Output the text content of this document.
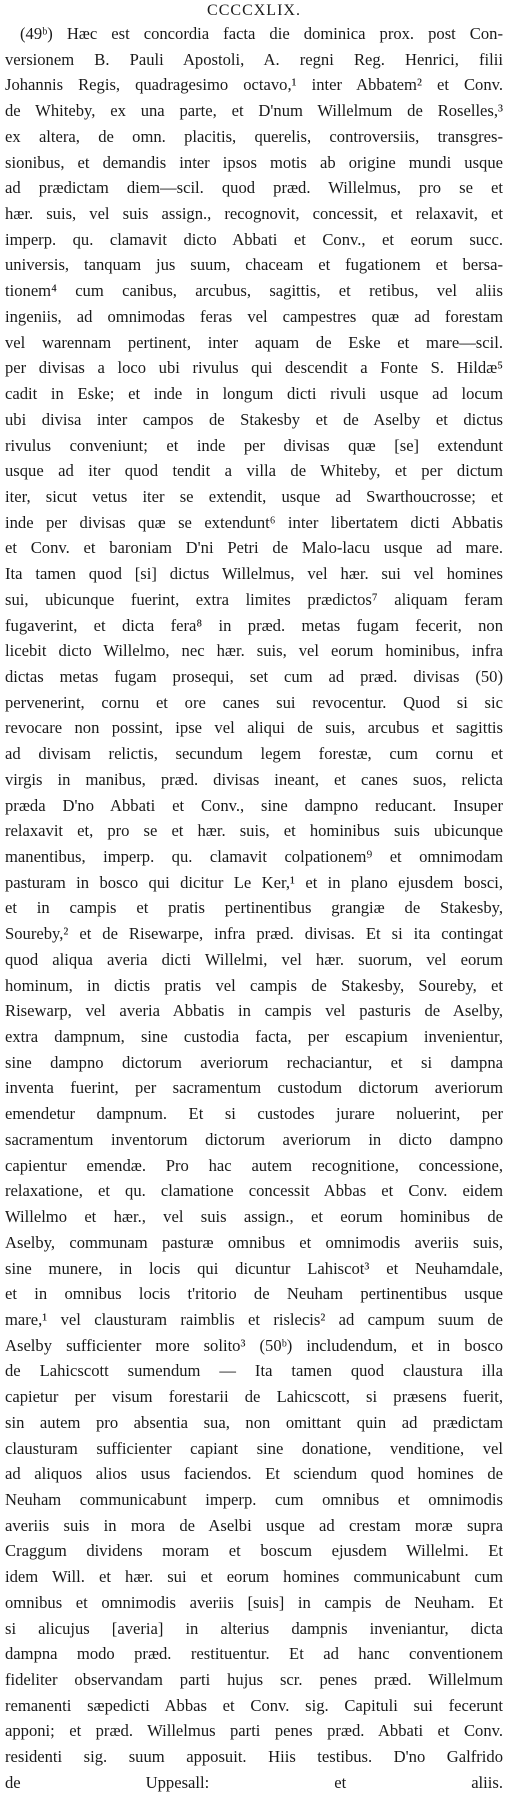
CCCCXLIX.
(49ᵇ) Hæc est concordia facta die dominica prox. post Con-
versionem B. Pauli Apostoli, A. regni Reg. Henrici, filii
Johannis Regis, quadragesimo octavo,¹ inter Abbatem² et Conv.
de Whiteby, ex una parte, et D'num Willelmum de Roselles,³
ex altera, de omn. placitis, querelis, controversiis, transgres-
sionibus, et demandis inter ipsos motis ab origine mundi usque
ad prædictam diem—scil. quod præd. Willelmus, pro se et
hær. suis, vel suis assign., recognovit, concessit, et relaxavit, et
imperp. qu. clamavit dicto Abbati et Conv., et eorum succ.
universis, tanquam jus suum, chaceam et fugationem et bersa-
tionem⁴ cum canibus, arcubus, sagittis, et retibus, vel aliis
ingeniis, ad omnimodas feras vel campestres quæ ad forestam
vel warennam pertinent, inter aquam de Eske et mare—scil.
per divisas a loco ubi rivulus qui descendit a Fonte S. Hildæ⁵
cadit in Eske; et inde in longum dicti rivuli usque ad locum
ubi divisa inter campos de Stakesby et de Aselby et dictus
rivulus conveniunt; et inde per divisas quæ [se] extendunt
usque ad iter quod tendit a villa de Whiteby, et per dictum
iter, sicut vetus iter se extendit, usque ad Swarthoucrosse; et
inde per divisas quæ se extendunt⁶ inter libertatem dicti Abbatis
et Conv. et baroniam D'ni Petri de Malo-lacu usque ad mare.
Ita tamen quod [si] dictus Willelmus, vel hær. sui vel homines
sui, ubicunque fuerint, extra limites prædictos⁷ aliquam feram
fugaverint, et dicta fera⁸ in præd. metas fugam fecerit, non
licebit dicto Willelmo, nec hær. suis, vel eorum hominibus, infra
dictas metas fugam prosequi, set cum ad præd. divisas (50)
pervenerint, cornu et ore canes sui revocentur. Quod si sic
revocare non possint, ipse vel aliqui de suis, arcubus et sagittis
ad divisam relictis, secundum legem forestæ, cum cornu et
virgis in manibus, præd. divisas ineant, et canes suos, relicta
præda D'no Abbati et Conv., sine dampno reducant. Insuper
relaxavit et, pro se et hær. suis, et hominibus suis ubicunque
manentibus, imperp. qu. clamavit colpationem⁹ et omnimodam
pasturam in bosco qui dicitur Le Ker,¹ et in plano ejusdem bosci,
et in campis et pratis pertinentibus grangiæ de Stakesby,
Soureby,² et de Risewarpe, infra præd. divisas. Et si ita contingat
quod aliqua averia dicti Willelmi, vel hær. suorum, vel eorum
hominum, in dictis pratis vel campis de Stakesby, Soureby, et
Risewarp, vel averia Abbatis in campis vel pasturis de Aselby,
extra dampnum, sine custodia facta, per escapium invenientur,
sine dampno dictorum averiorum rechaciantur, et si dampna
inventa fuerint, per sacramentum custodum dictorum averiorum
emendetur dampnum. Et si custodes jurare noluerint, per
sacramentum inventorum dictorum averiorum in dicto dampno
capientur emendæ. Pro hac autem recognitione, concessione,
relaxatione, et qu. clamatione concessit Abbas et Conv. eidem
Willelmo et hær., vel suis assign., et eorum hominibus de
Aselby, communam pasturæ omnibus et omnimodis averiis suis,
sine munere, in locis qui dicuntur Lahiscot³ et Neuhamdale,
et in omnibus locis t'ritorio de Neuham pertinentibus usque
mare,¹ vel clausturam raimblis et rislecis² ad campum suum de
Aselby sufficienter more solito³ (50ᵇ) includendum, et in bosco
de Lahicscott sumendum — Ita tamen quod claustura illa
capietur per visum forestarii de Lahicscott, si præsens fuerit,
sin autem pro absentia sua, non omittant quin ad prædictam
clausturam sufficienter capiant sine donatione, venditione, vel
ad aliquos alios usus faciendos. Et sciendum quod homines de
Neuham communicabunt imperp. cum omnibus et omnimodis
averiis suis in mora de Aselbi usque ad crestam moræ supra
Craggum dividens moram et boscum ejusdem Willelmi. Et
idem Will. et hær. sui et eorum homines communicabunt cum
omnibus et omnimodis averiis [suis] in campis de Neuham. Et
si alicujus [averia] in alterius dampnis inveniantur, dicta
dampna modo præd. restituentur. Et ad hanc conventionem
fideliter observandam parti hujus scr. penes præd. Willelmum
remanenti sæpedicti Abbas et Conv. sig. Capituli sui fecerunt
apponi; et præd. Willelmus parti penes præd. Abbati et Conv.
residenti sig. suum apposuit. Hiis testibus. D'no Galfrido
de Uppesall: et aliis.
